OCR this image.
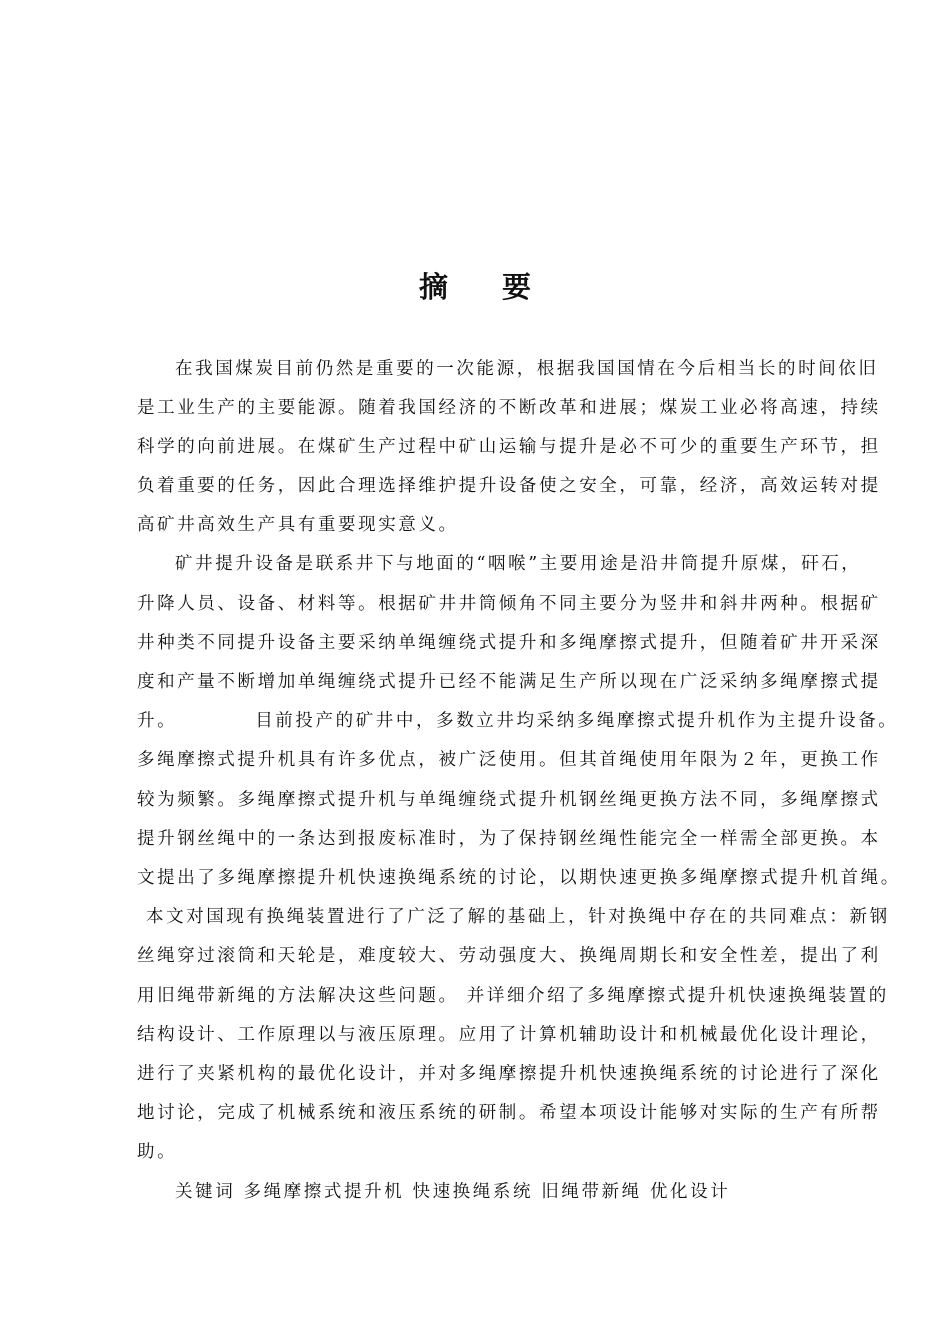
摘 要

在我国煤炭目前仍然是重要的一次能源，根据我国国情在今后相当长的时间依旧

是工业生产的主要能源。随着我国经济的不断改革和进展；煤炭工业必将高速，持续

科学的向前进展。在煤矿生产过程中矿山运输与提升是必不可少的重要生产环节，担

负着重要的任务，因此合理选择维护提升设备使之安全，可靠，经济，高效运转对提

高矿井高效生产具有重要现实意义。

矿井提升设备是联系井下与地面的“咽喉”主要用途是沿井筒提升原煤，矸石，

升降人员、设备、材料等。根据矿井井筒倾角不同主要分为竖井和斜井两种。根据矿

井种类不同提升设备主要采纳单绳缠绕式提升和多绳摩擦式提升，但随着矿井开采深

度和产量不断增加单绳缠绕式提升已经不能满足生产所以现在广泛采纳多绳摩擦式提

升。	目前投产的矿井中，多数立井均采纳多绳摩擦式提升机作为主提升设备。

多绳摩擦式提升机具有许多优点，被广泛使用。但其首绳使用年限为２年，更换工作

较为频繁。多绳摩擦式提升机与单绳缠绕式提升机钢丝绳更换方法不同，多绳摩擦式

提升钢丝绳中的一条达到报废标准时，为了保持钢丝绳性能完全一样需全部更换。本

文提出了多绳摩擦提升机快速换绳系统的讨论，以期快速更换多绳摩擦式提升机首绳。

本文对国现有换绳装置进行了广泛了解的基础上，针对换绳中存在的共同难点：新钢

丝绳穿过滚筒和天轮是，难度较大、劳动强度大、换绳周期长和安全性差，提出了利

用旧绳带新绳的方法解决这些问题。 并详细介绍了多绳摩擦式提升机快速换绳装置的

结构设计、工作原理以与液压原理。应用了计算机辅助设计和机械最优化设计理论，

进行了夹紧机构的最优化设计，并对多绳摩擦提升机快速换绳系统的讨论进行了深化

地讨论，完成了机械系统和液压系统的研制。希望本项设计能够对实际的生产有所帮

助。

关键词 多绳摩擦式提升机 快速换绳系统 旧绳带新绳 优化设计
